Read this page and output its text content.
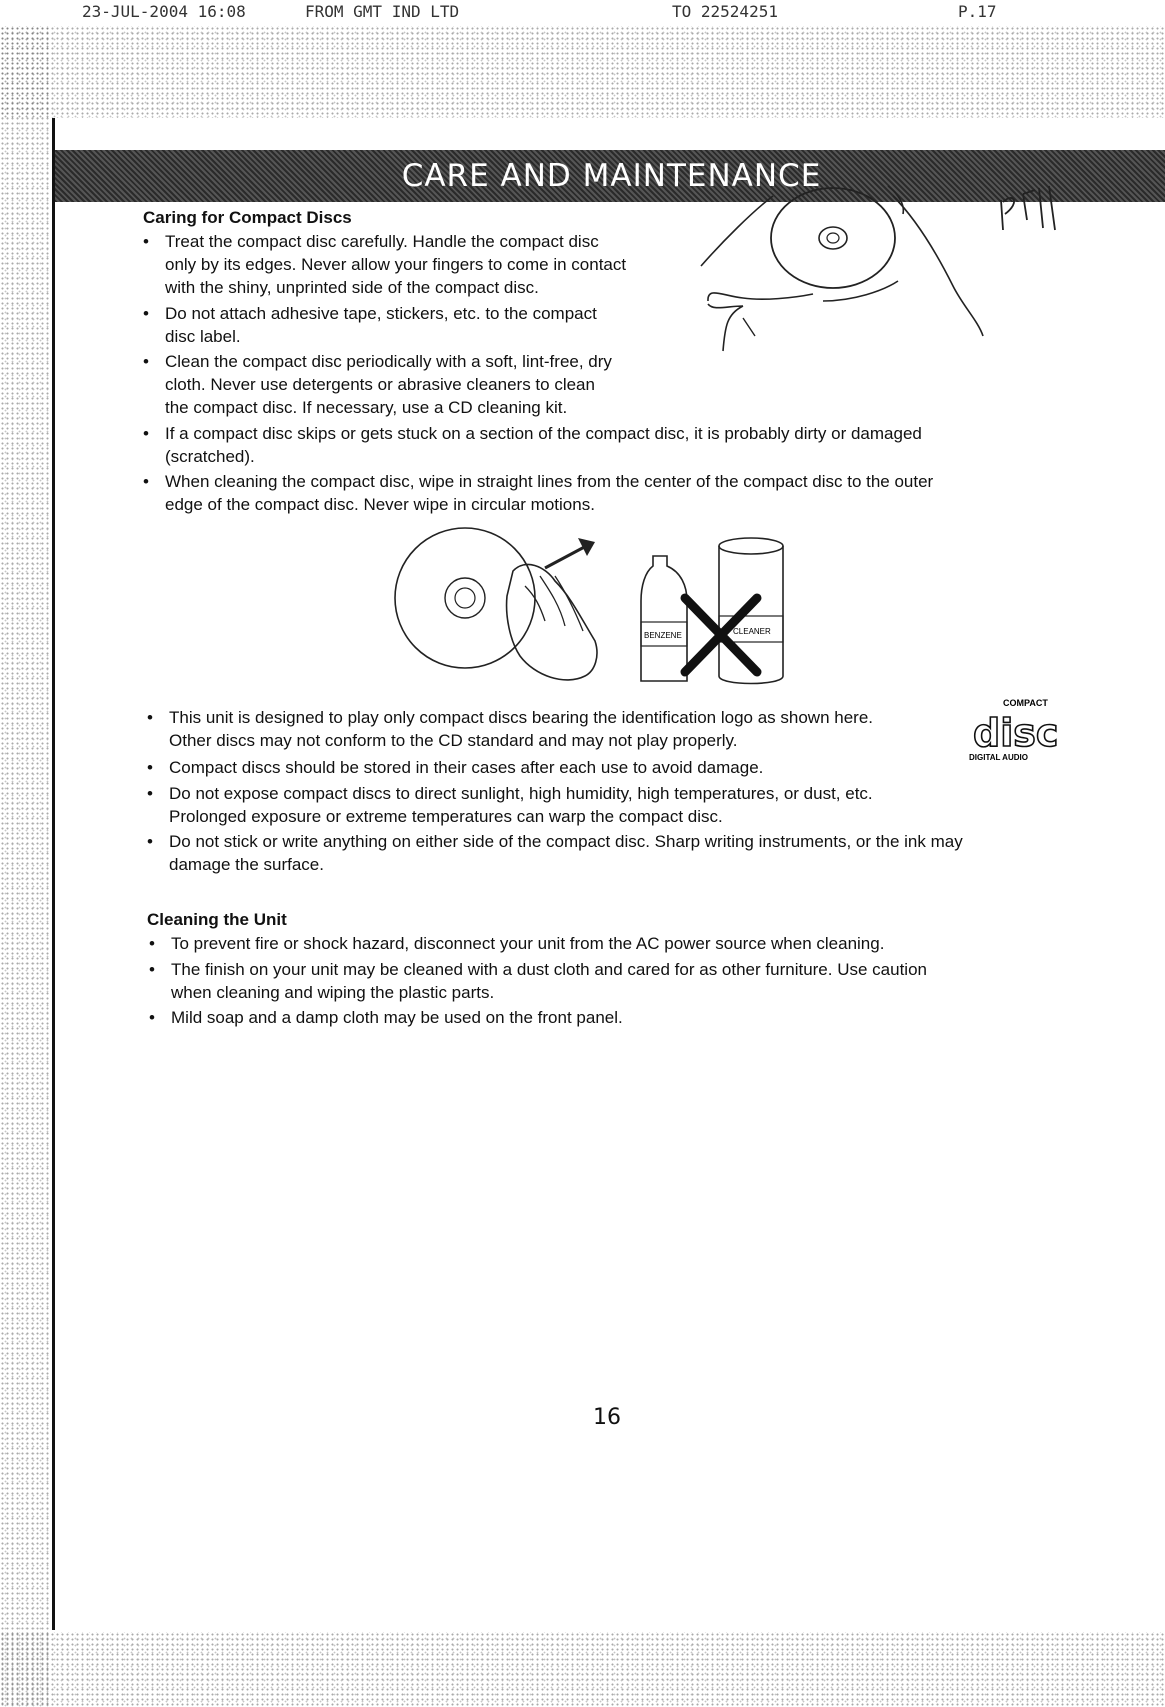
23-JUL-2004 16:08	FROM GMT IND LTD	TO 22524251	P.17
CARE AND MAINTENANCE
Caring for Compact Discs
• Treat the compact disc carefully. Handle the compact disc
only by its edges. Never allow your fingers to come in contact
with the shiny, unprinted side of the compact disc.
• Do not attach adhesive tape, stickers, etc. to the compact
disc label.
• Clean the compact disc periodically with a soft, lint-free, dry
cloth. Never use detergents or abrasive cleaners to clean
the compact disc. If necessary, use a CD cleaning kit.
• If a compact disc skips or gets stuck on a section of the compact disc, it is probably dirty or damaged
(scratched).
• When cleaning the compact disc, wipe in straight lines from the center of the compact disc to the outer
edge of the compact disc. Never wipe in circular motions.
BENZENE	CLEANER
COMPACT
disc
DIGITAL AUDIO
• This unit is designed to play only compact discs bearing the identification logo as shown here.
Other discs may not conform to the CD standard and may not play properly.
• Compact discs should be stored in their cases after each use to avoid damage.
• Do not expose compact discs to direct sunlight, high humidity, high temperatures, or dust, etc.
Prolonged exposure or extreme temperatures can warp the compact disc.
• Do not stick or write anything on either side of the compact disc. Sharp writing instruments, or the ink may
damage the surface.
Cleaning the Unit
• To prevent fire or shock hazard, disconnect your unit from the AC power source when cleaning.
• The finish on your unit may be cleaned with a dust cloth and cared for as other furniture. Use caution
when cleaning and wiping the plastic parts.
• Mild soap and a damp cloth may be used on the front panel.
16
